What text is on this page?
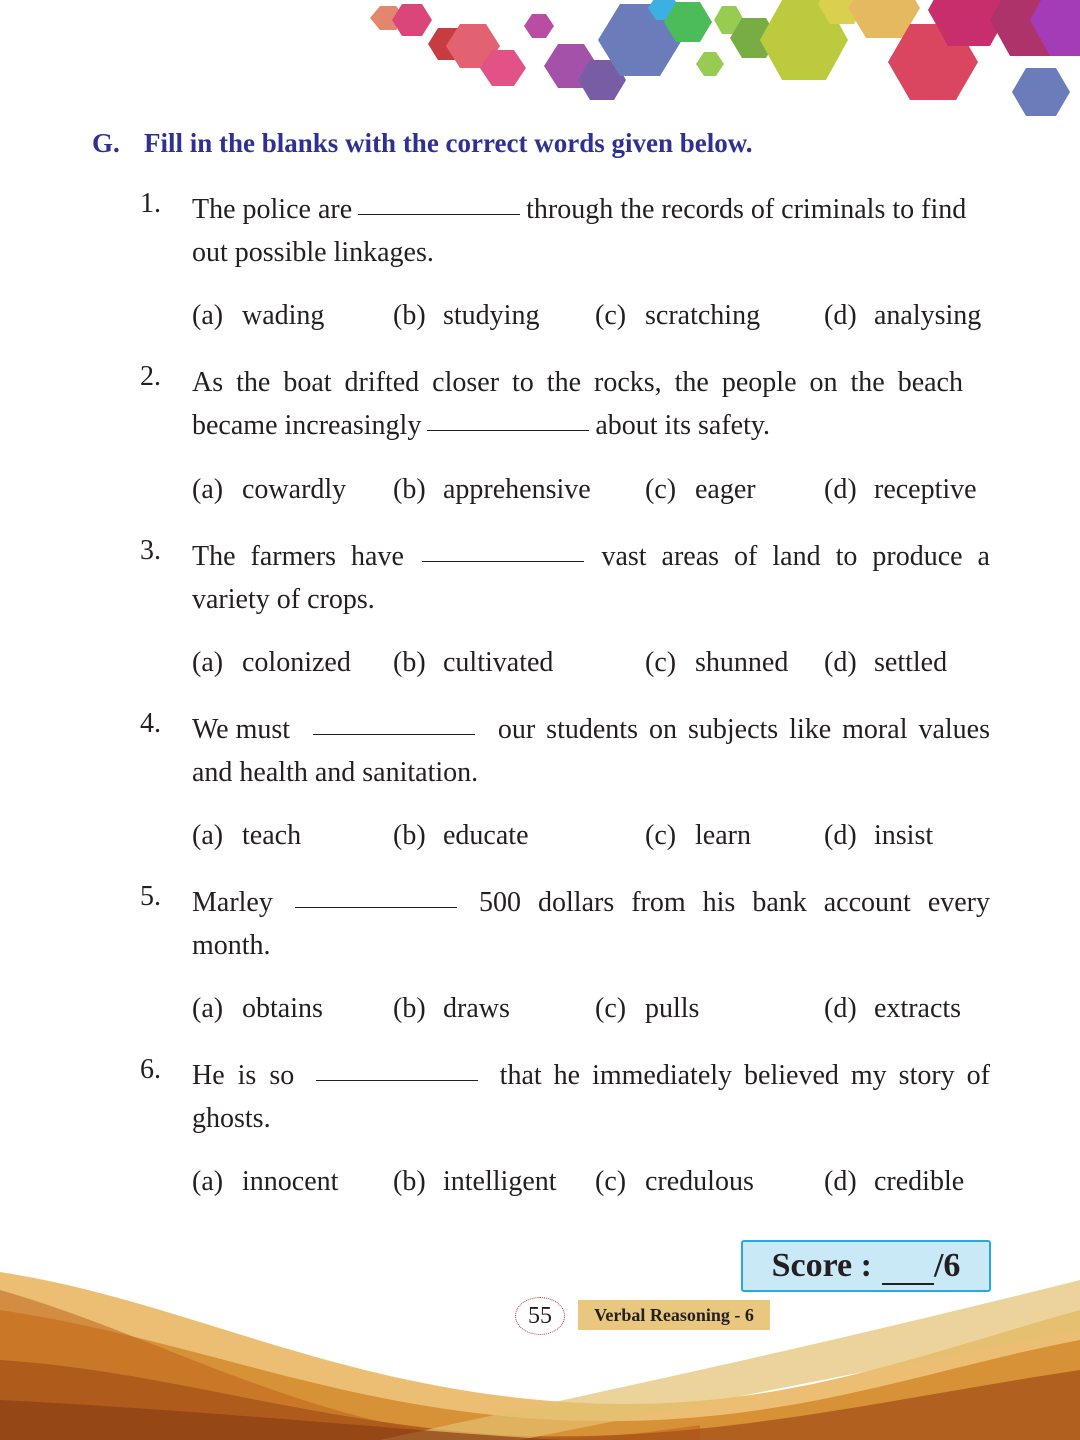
G. Fill in the blanks with the correct words given below.
1.	The police are	through the records of criminals to find
out possible linkages.
(a) wading (b) studying (c) scratching (d) analysing
2.	As the boat drifted closer to the rocks, the people on the beach
became increasingly	about its safety.
(a) cowardly (b) apprehensive (c) eager (d) receptive
3.	The farmers have	vast areas of land to produce a
variety of crops.
(a) colonized (b) cultivated	(c) shunned (d) settled
4.	We must	our students on subjects like moral values
and health and sanitation.
(a) teach	(b) educate	(c) learn	(d) insist
5.	Marley	500 dollars from his bank account every
month.
(a) obtains	(b) draws	(c) pulls	(d) extracts
6.	He is so	that he immediately believed my story of
ghosts.
(a) innocent (b) intelligent (c) credulous	(d) credible
Score : /6
55	Verbal Reasoning - 6
